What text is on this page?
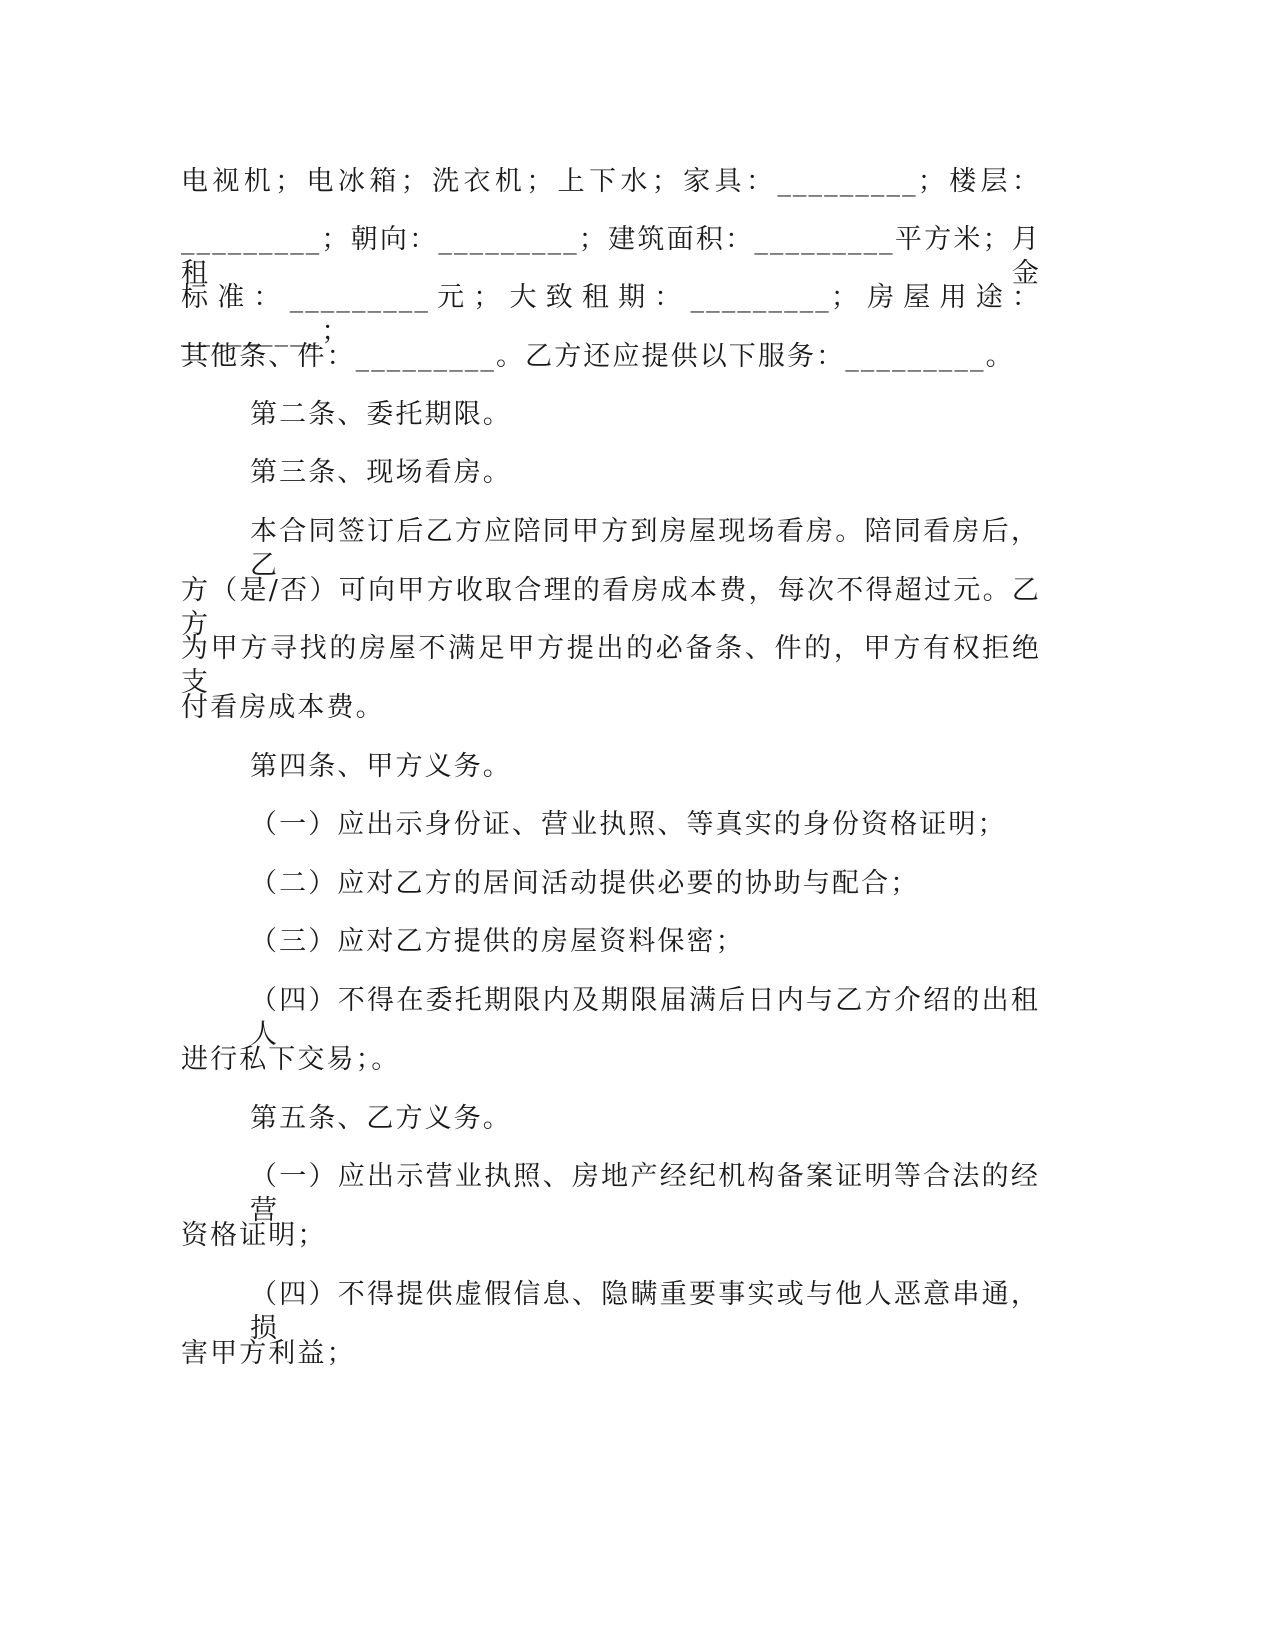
电视机；电冰箱；洗衣机；上下水；家具：_________；楼层：
_________；朝向：_________；建筑面积：_________平方米；月租金
标准：_________元；大致租期：_________；房屋用途：_________；
其他条、件：_________。乙方还应提供以下服务：_________。
第二条、委托期限。
第三条、现场看房。
本合同签订后乙方应陪同甲方到房屋现场看房。陪同看房后，乙
方（是/否）可向甲方收取合理的看房成本费，每次不得超过元。乙方
为甲方寻找的房屋不满足甲方提出的必备条、件的，甲方有权拒绝支
付看房成本费。
第四条、甲方义务。
（一）应出示身份证、营业执照、等真实的身份资格证明；
（二）应对乙方的居间活动提供必要的协助与配合；
（三）应对乙方提供的房屋资料保密；
（四）不得在委托期限内及期限届满后日内与乙方介绍的出租人
进行私下交易；。
第五条、乙方义务。
（一）应出示营业执照、房地产经纪机构备案证明等合法的经营
资格证明；
（四）不得提供虚假信息、隐瞒重要事实或与他人恶意串通，损
害甲方利益；
